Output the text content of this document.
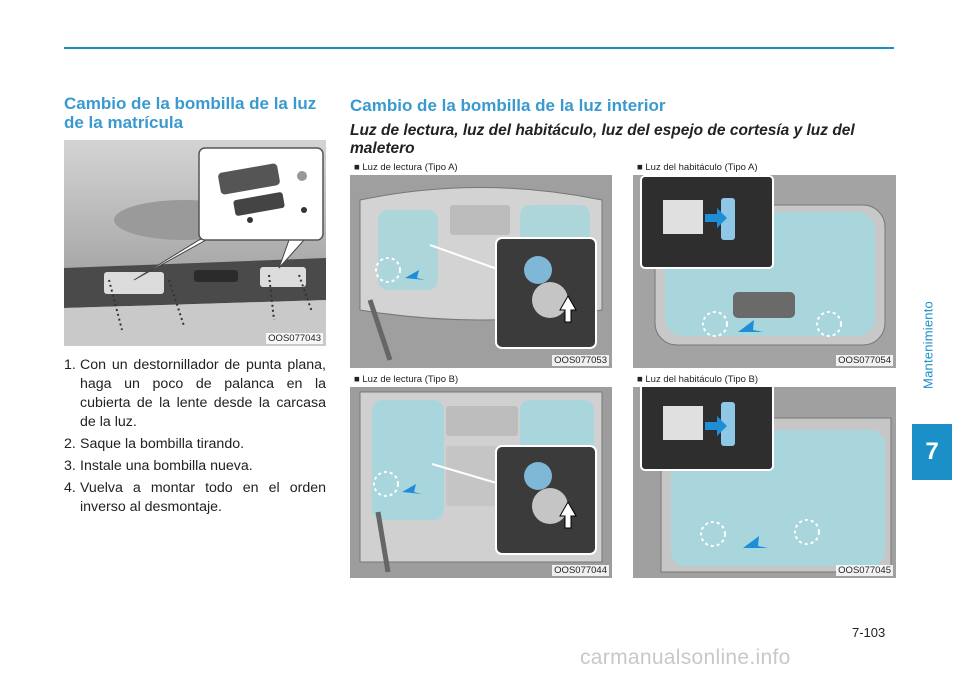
Mantenimiento
7
Cambio de la bombilla de la luz de la matrícula
OOS077043
1. Con un destornillador de punta plana, haga un poco de palanca en la cubierta de la lente desde la carcasa de la luz.
2. Saque la bombilla tirando.
3. Instale una bombilla nueva.
4. Vuelva a montar todo en el orden inverso al desmontaje.
Cambio de la bombilla de la luz interior
Luz de lectura, luz del habitáculo, luz del espejo de cortesía y luz del maletero
■ Luz de lectura (Tipo A)
OOS077053
■ Luz del habitáculo (Tipo A)
OOS077054
■ Luz de lectura (Tipo B)
OOS077044
■ Luz del habitáculo (Tipo B)
OOS077045
7-103
carmanualsonline.info
